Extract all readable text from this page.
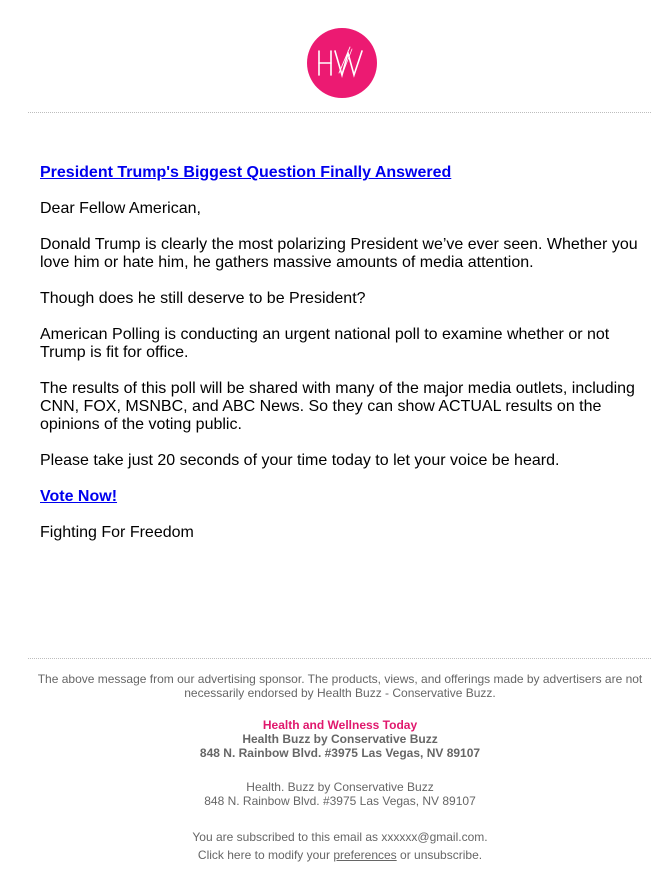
President Trump's Biggest Question Finally Answered

Dear Fellow American,

Donald Trump is clearly the most polarizing President we’ve ever seen. Whether you love him or hate him, he gathers massive amounts of media attention.

Though does he still deserve to be President?

American Polling is conducting an urgent national poll to examine whether or not Trump is fit for office.

The results of this poll will be shared with many of the major media outlets, including CNN, FOX, MSNBC, and ABC News. So they can show ACTUAL results on the opinions of the voting public.

Please take just 20 seconds of your time today to let your voice be heard.

Vote Now!

Fighting For Freedom

The above message from our advertising sponsor. The products, views, and offerings made by advertisers are not necessarily endorsed by Health Buzz - Conservative Buzz.
Health and Wellness Today
Health Buzz by Conservative Buzz
848 N. Rainbow Blvd. #3975 Las Vegas, NV 89107
Health. Buzz by Conservative Buzz
848 N. Rainbow Blvd. #3975 Las Vegas, NV 89107
You are subscribed to this email as xxxxxx@gmail.com.
Click here to modify your preferences or unsubscribe.
